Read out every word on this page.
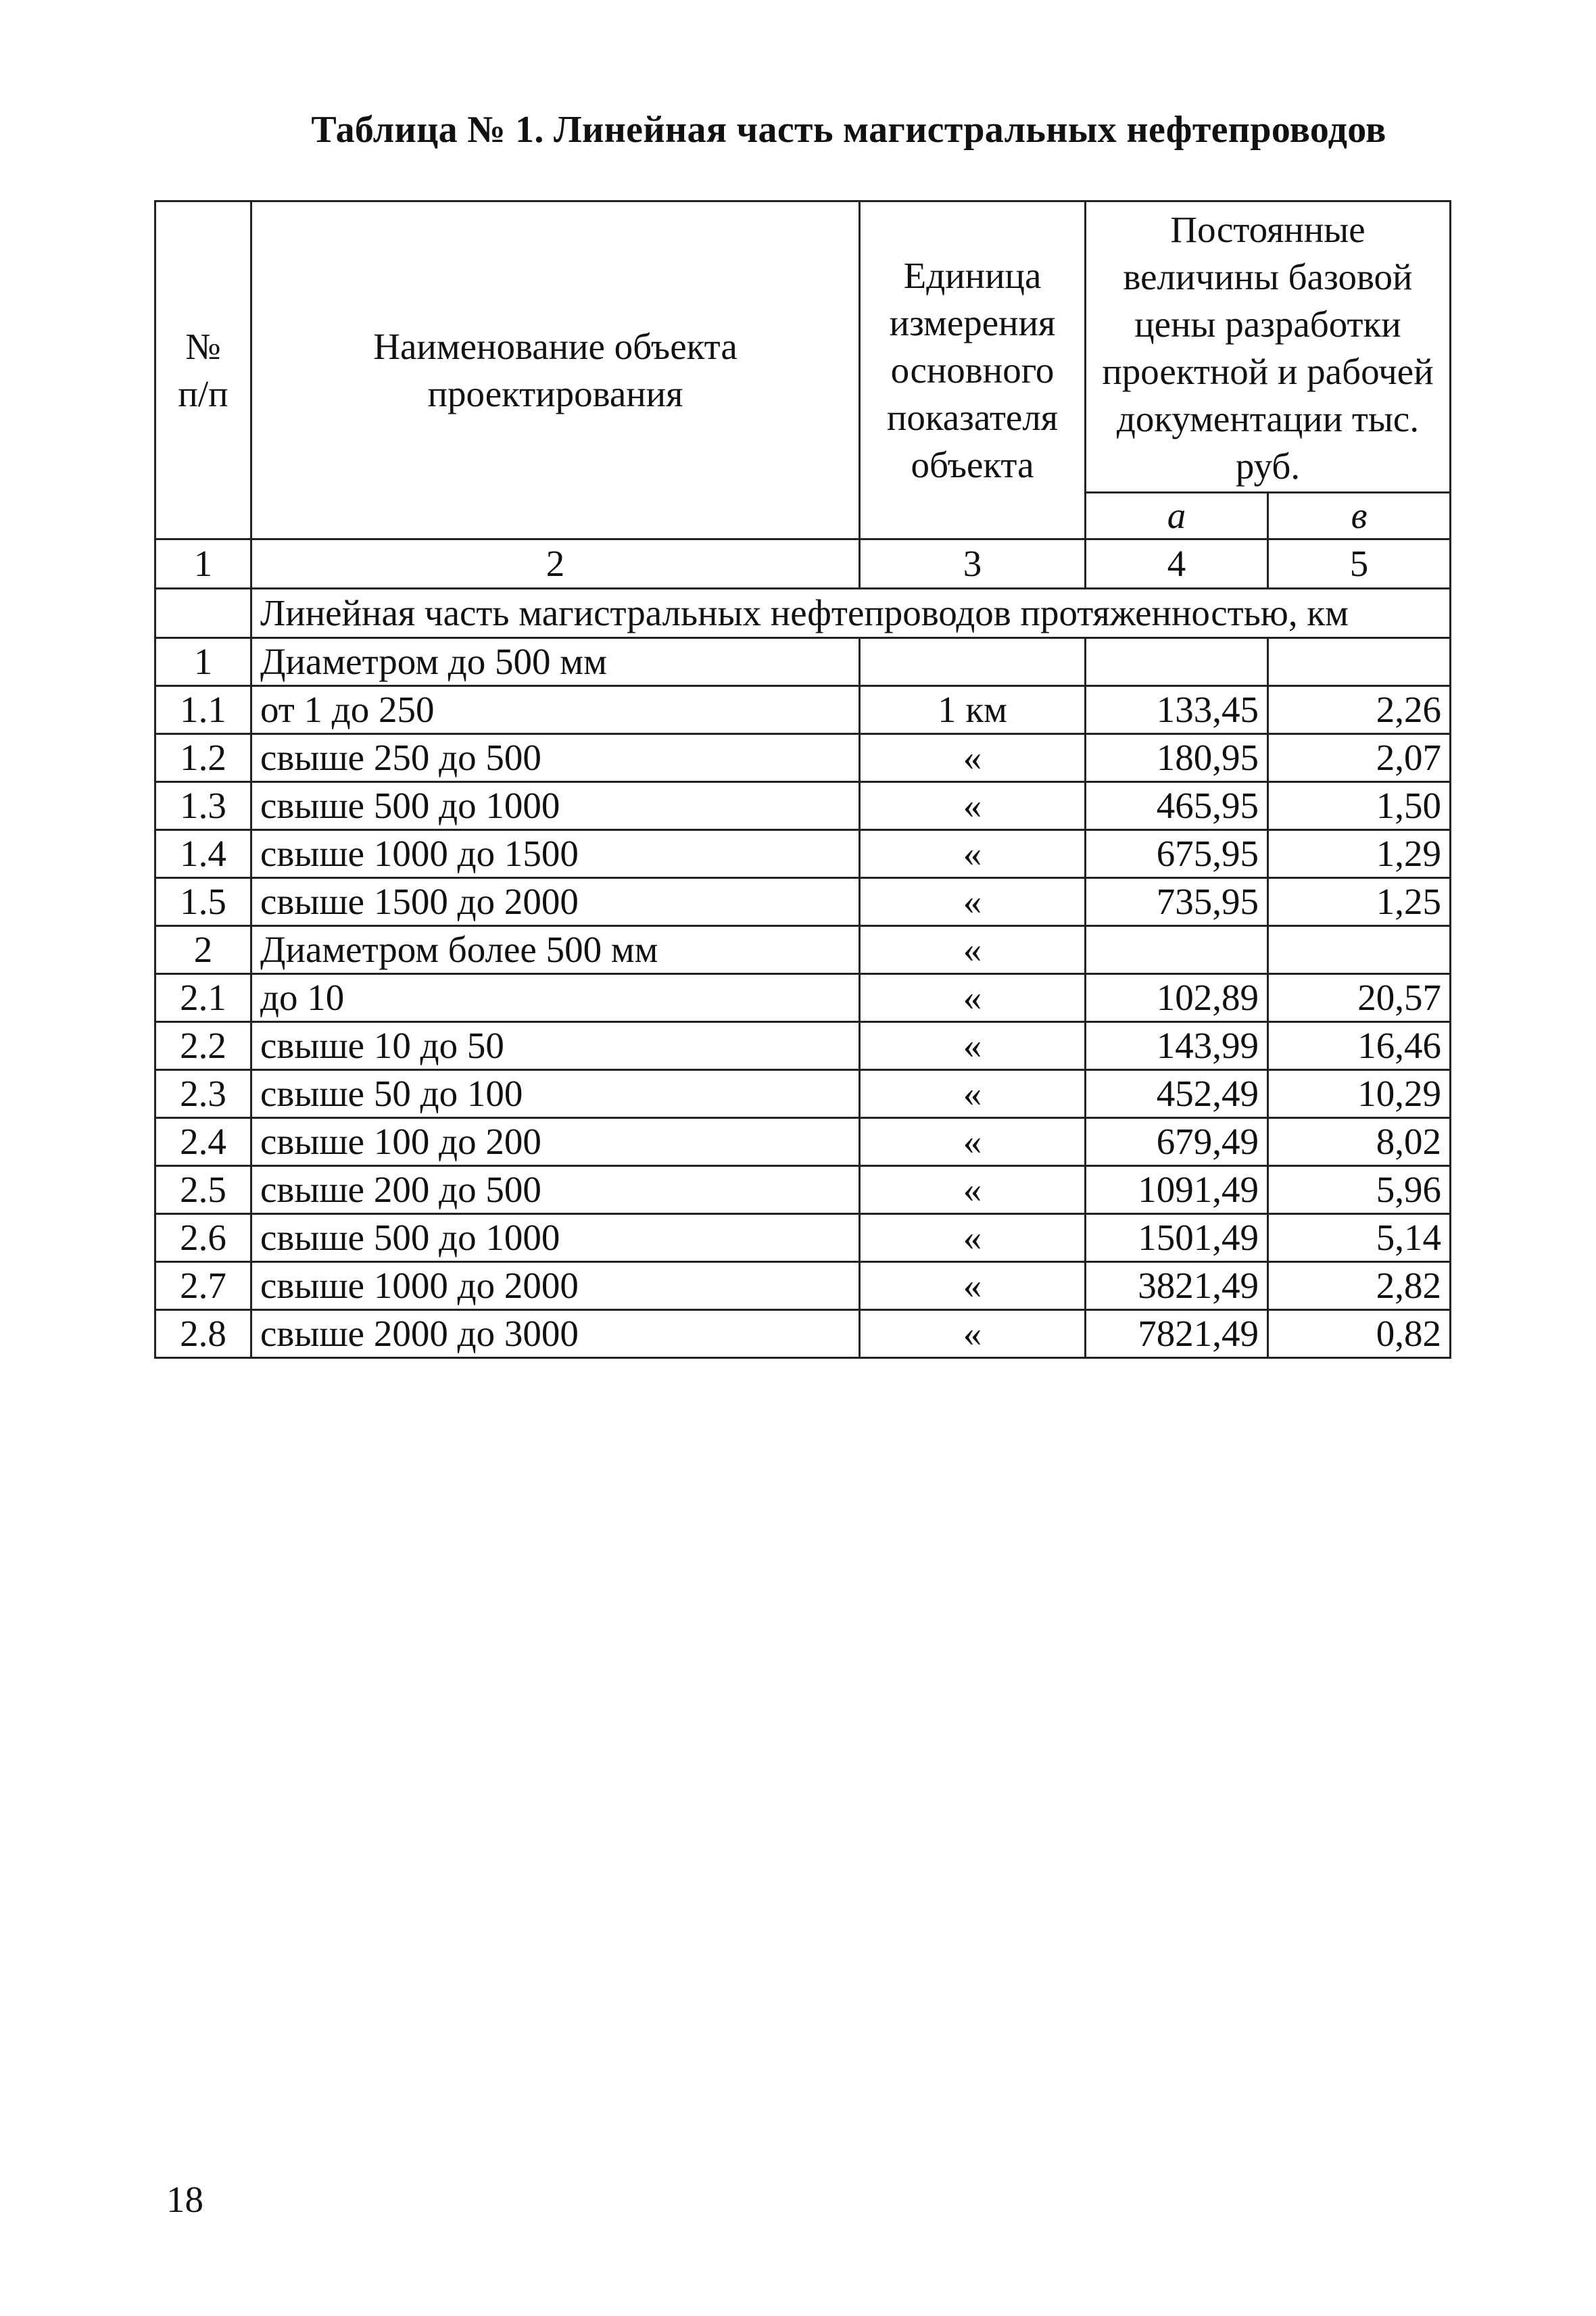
Таблица № 1. Линейная часть магистральных нефтепроводов
№
п/п	Наименование объекта проектирования	Единица измерения основного показателя объекта	Постоянные величины базовой цены разработки проектной и рабочей документации тыс. руб.	
			а	в
1	2	3	4	5
	Линейная часть магистральных нефтепроводов протяженностью, км			
1	Диаметром до 500 мм			
1.1	от 1 до 250	1 км	133,45	2,26
1.2	свыше 250 до 500	«	180,95	2,07
1.3	свыше 500 до 1000	«	465,95	1,50
1.4	свыше 1000 до 1500	«	675,95	1,29
1.5	свыше 1500 до 2000	«	735,95	1,25
2	Диаметром более 500 мм	«		
2.1	до 10	«	102,89	20,57
2.2	свыше 10 до 50	«	143,99	16,46
2.3	свыше 50 до 100	«	452,49	10,29
2.4	свыше 100 до 200	«	679,49	8,02
2.5	свыше 200 до 500	«	1091,49	5,96
2.6	свыше 500 до 1000	«	1501,49	5,14
2.7	свыше 1000 до 2000	«	3821,49	2,82
2.8	свыше 2000 до 3000	«	7821,49	0,82
18
